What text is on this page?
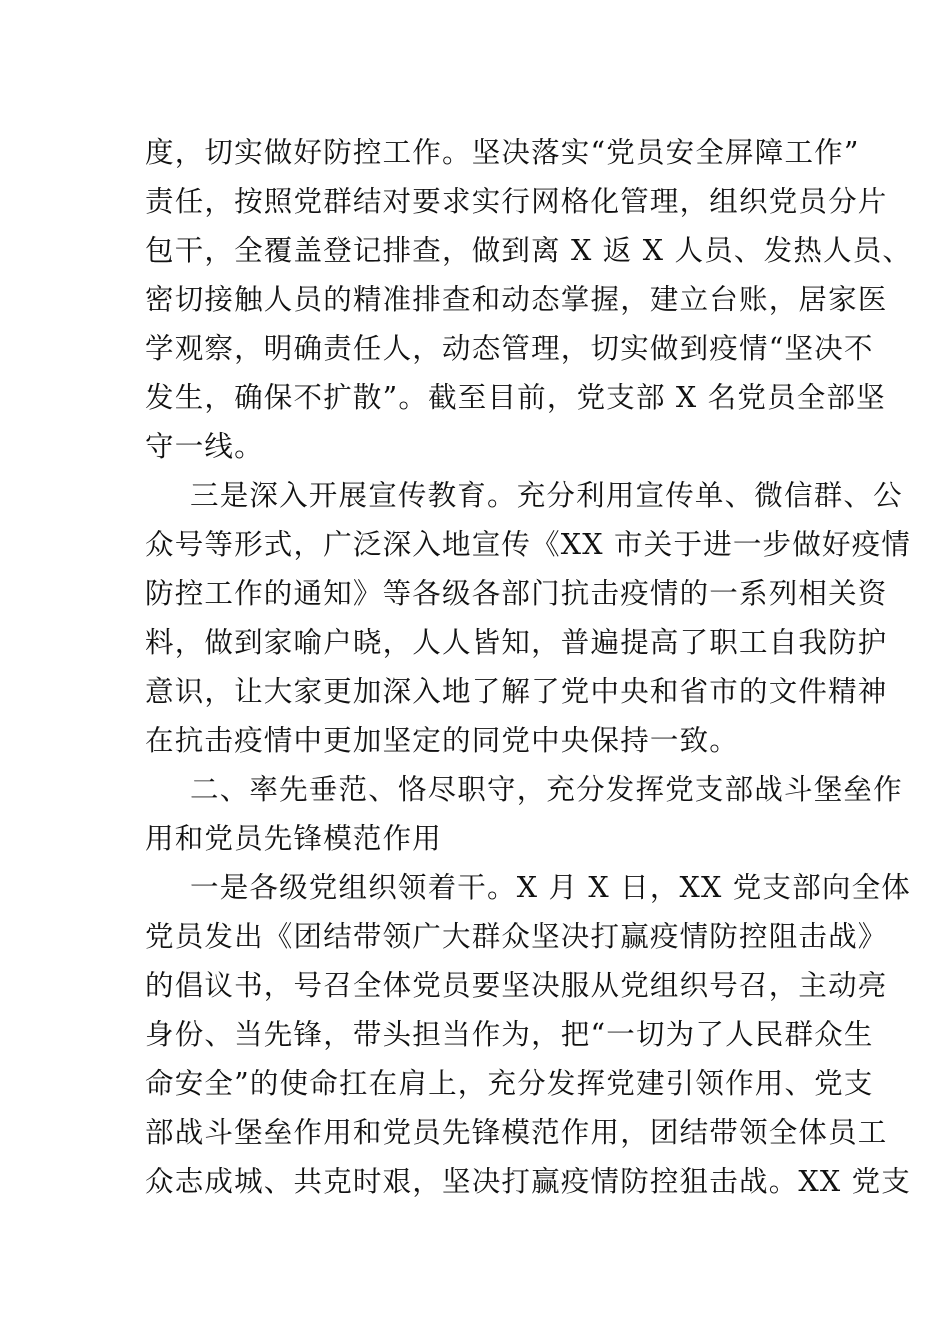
度，切实做好防控工作。坚决落实“党员安全屏障工作”
责任，按照党群结对要求实行网格化管理，组织党员分片
包干，全覆盖登记排查，做到离 X 返 X 人员、发热人员、
密切接触人员的精准排查和动态掌握，建立台账，居家医
学观察，明确责任人，动态管理，切实做到疫情“坚决不
发生，确保不扩散”。截至目前，党支部 X 名党员全部坚
守一线。
三是深入开展宣传教育。充分利用宣传单、微信群、公
众号等形式，广泛深入地宣传《XX 市关于进一步做好疫情
防控工作的通知》等各级各部门抗击疫情的一系列相关资
料，做到家喻户晓，人人皆知，普遍提高了职工自我防护
意识，让大家更加深入地了解了党中央和省市的文件精神
在抗击疫情中更加坚定的同党中央保持一致。
二、率先垂范、恪尽职守，充分发挥党支部战斗堡垒作
用和党员先锋模范作用
一是各级党组织领着干。X 月 X 日，XX 党支部向全体
党员发出《团结带领广大群众坚决打赢疫情防控阻击战》
的倡议书，号召全体党员要坚决服从党组织号召，主动亮
身份、当先锋，带头担当作为，把“一切为了人民群众生
命安全”的使命扛在肩上，充分发挥党建引领作用、党支
部战斗堡垒作用和党员先锋模范作用，团结带领全体员工
众志成城、共克时艰，坚决打赢疫情防控狙击战。XX 党支
